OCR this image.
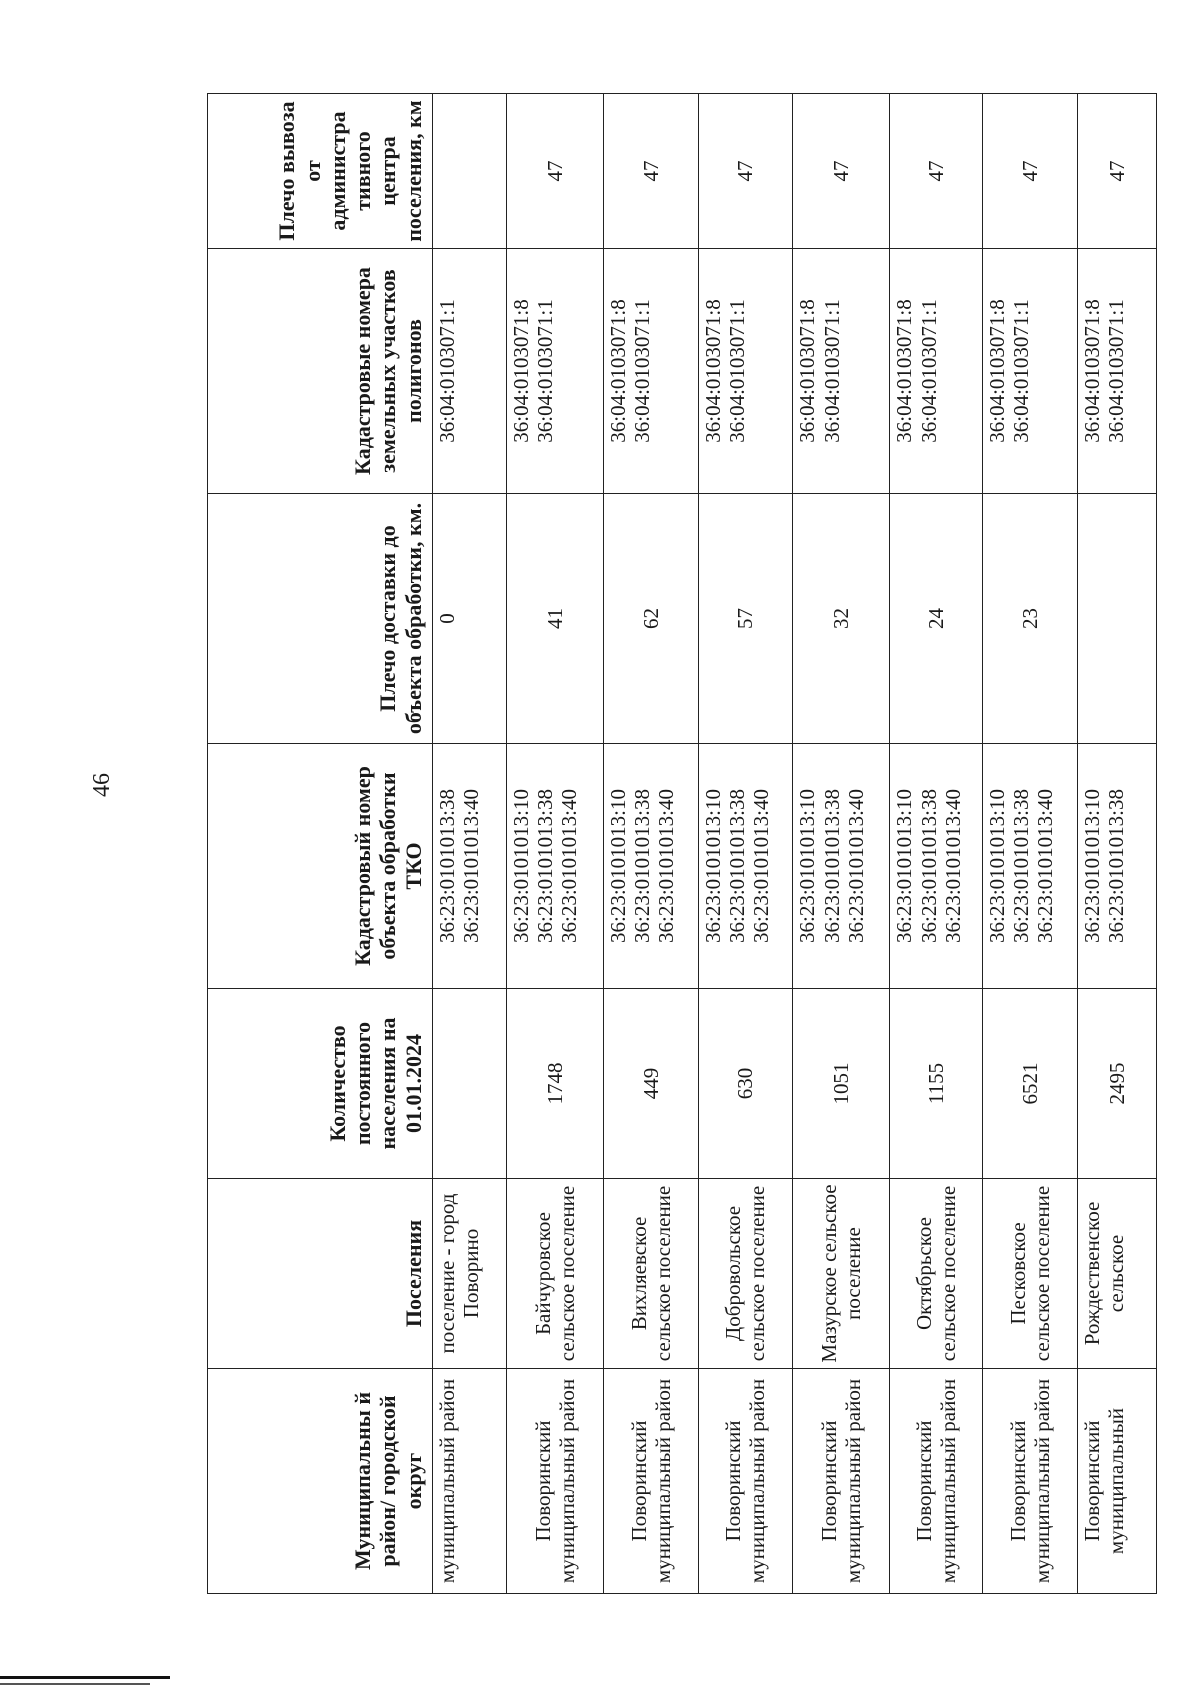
46
Муниципальны й район/ городской округ	Поселения	Количество постоянного населения на 01.01.2024	Кадастровый номер объекта обработки ТКО	Плечо доставки до объекта обработки, км.	Кадастровые номера земельных участков полигонов	Плечо вывоза от администра тивного центра поселения, км
муниципальный район	поселение - город Поворино		36:23:0101013:38 36:23:0101013:40	0	36:04:0103071:1	

Поворинский муниципальный район	Байчуровское сельское поселение	1748	36:23:0101013:10 36:23:0101013:38 36:23:0101013:40	41	36:04:0103071:8 36:04:0103071:1	47
Поворинский муниципальный район	Вихляевское сельское поселение	449	36:23:0101013:10 36:23:0101013:38 36:23:0101013:40	62	36:04:0103071:8 36:04:0103071:1	47
Поворинский муниципальный район	Добровольское сельское поселение	630	36:23:0101013:10 36:23:0101013:38 36:23:0101013:40	57	36:04:0103071:8 36:04:0103071:1	47
Поворинский муниципальный район	Мазурское сельское поселение	1051	36:23:0101013:10 36:23:0101013:38 36:23:0101013:40	32	36:04:0103071:8 36:04:0103071:1	47
Поворинский муниципальный район	Октябрьское сельское поселение	1155	36:23:0101013:10 36:23:0101013:38 36:23:0101013:40	24	36:04:0103071:8 36:04:0103071:1	47
Поворинский муниципальный район	Песковское сельское поселение	6521	36:23:0101013:10 36:23:0101013:38 36:23:0101013:40	23	36:04:0103071:8 36:04:0103071:1	47
Поворинский муниципальный	Рождественское сельское	2495	36:23:0101013:10 36:23:0101013:38		36:04:0103071:8 36:04:0103071:1	47
